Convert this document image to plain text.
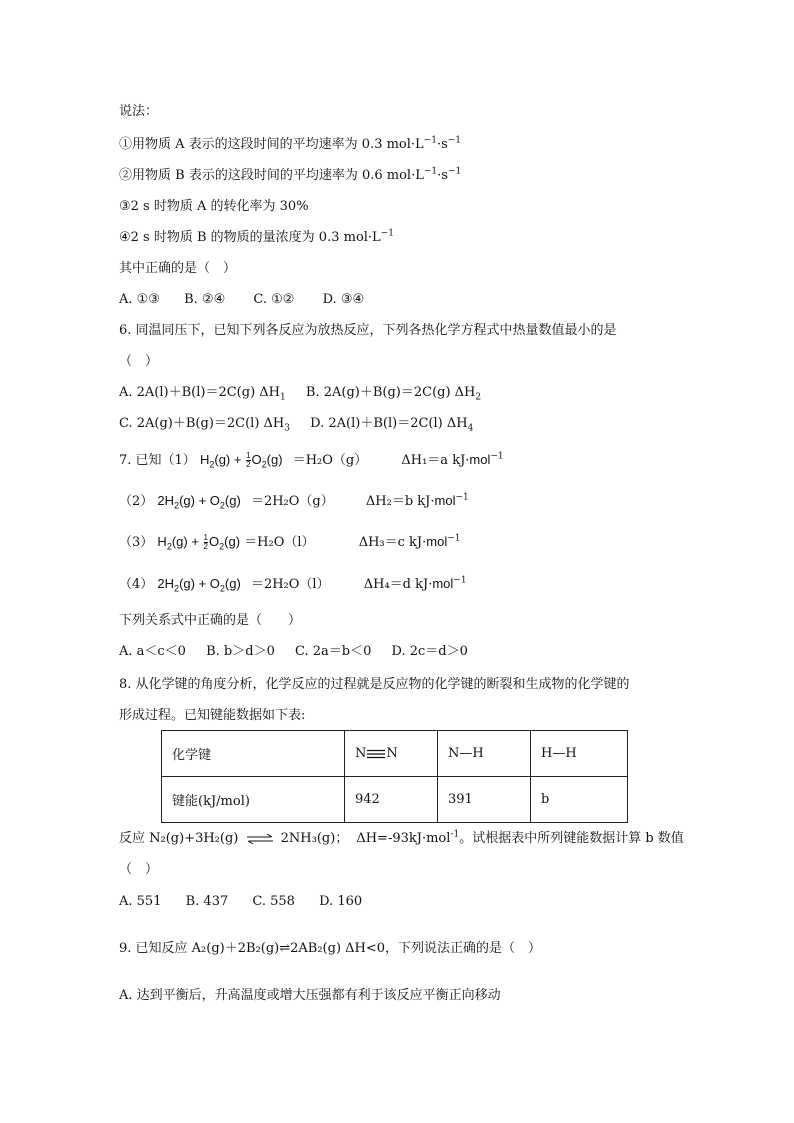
说法：
①用物质 A 表示的这段时间的平均速率为 0.3 $mol\cdot L^{-1}\cdot s^{-1}$
②用物质 B 表示的这段时间的平均速率为 0.6 $mol\cdot L^{-1}\cdot s^{-1}$
③2 s 时物质 A 的转化率为 30%
④2 s 时物质 B 的物质的量浓度为 0.3 $mol\cdot L^{-1}$
其中正确的是（　）
A. ①③ B. ②④ C. ①② D. ③④
6. 同温同压下，已知下列各反应为放热反应，下列各热化学方程式中热量数值最小的是
（　）
A. 2A(l)＋B(l)＝2C(g) $\Delta H_1$ B. 2A(g)＋B(g)＝2C(g) $\Delta H_2$
C. 2A(g)＋B(g)＝2C(l) $\Delta H_3$ D. 2A(l)＋B(l)＝2C(l) $\Delta H_4$
7. 已知（1） $H_2(g) + \frac{1}{2} O_2(g) =H_2O(g)$	ΔH₁＝a kJ·mol$^{-1}$
（2） $2H_2(g) + O_2(g) =2H_2O(g)$ ΔH₂＝b kJ·mol$^{-1}$
（3） $H_2(g) + \frac{1}{2} O_2(g) =H_2O(l)$	ΔH₃＝c kJ·mol$^{-1}$
（4） $2H_2(g) + O_2(g) =2H_2O(l)$	ΔH₄＝d kJ·mol$^{-1}$
下列关系式中正确的是（　　）
A. a＜c＜0 B. b＞d＞0 C. 2a＝b＜0 D. 2c＝d＞0
8. 从化学键的角度分析，化学反应的过程就是反应物的化学键的断裂和生成物的化学键的
形成过程。已知键能数据如下表:
化学键	N N	N—H	H—H
键能(kJ/mol)	942	391	b
反应 N₂(g)+3H₂(g) ⇌ 2NH₃(g)； ΔH=-93kJ·mol$^{-1}$。试根据表中所列键能数据计算 b 数值
（　）
A. 551 B. 437 C. 558 D. 160
9. 已知反应 A₂(g)＋2B₂(g)⇌2AB₂(g) ΔH<0，下列说法正确的是（　）
A. 达到平衡后，升高温度或增大压强都有利于该反应平衡正向移动
